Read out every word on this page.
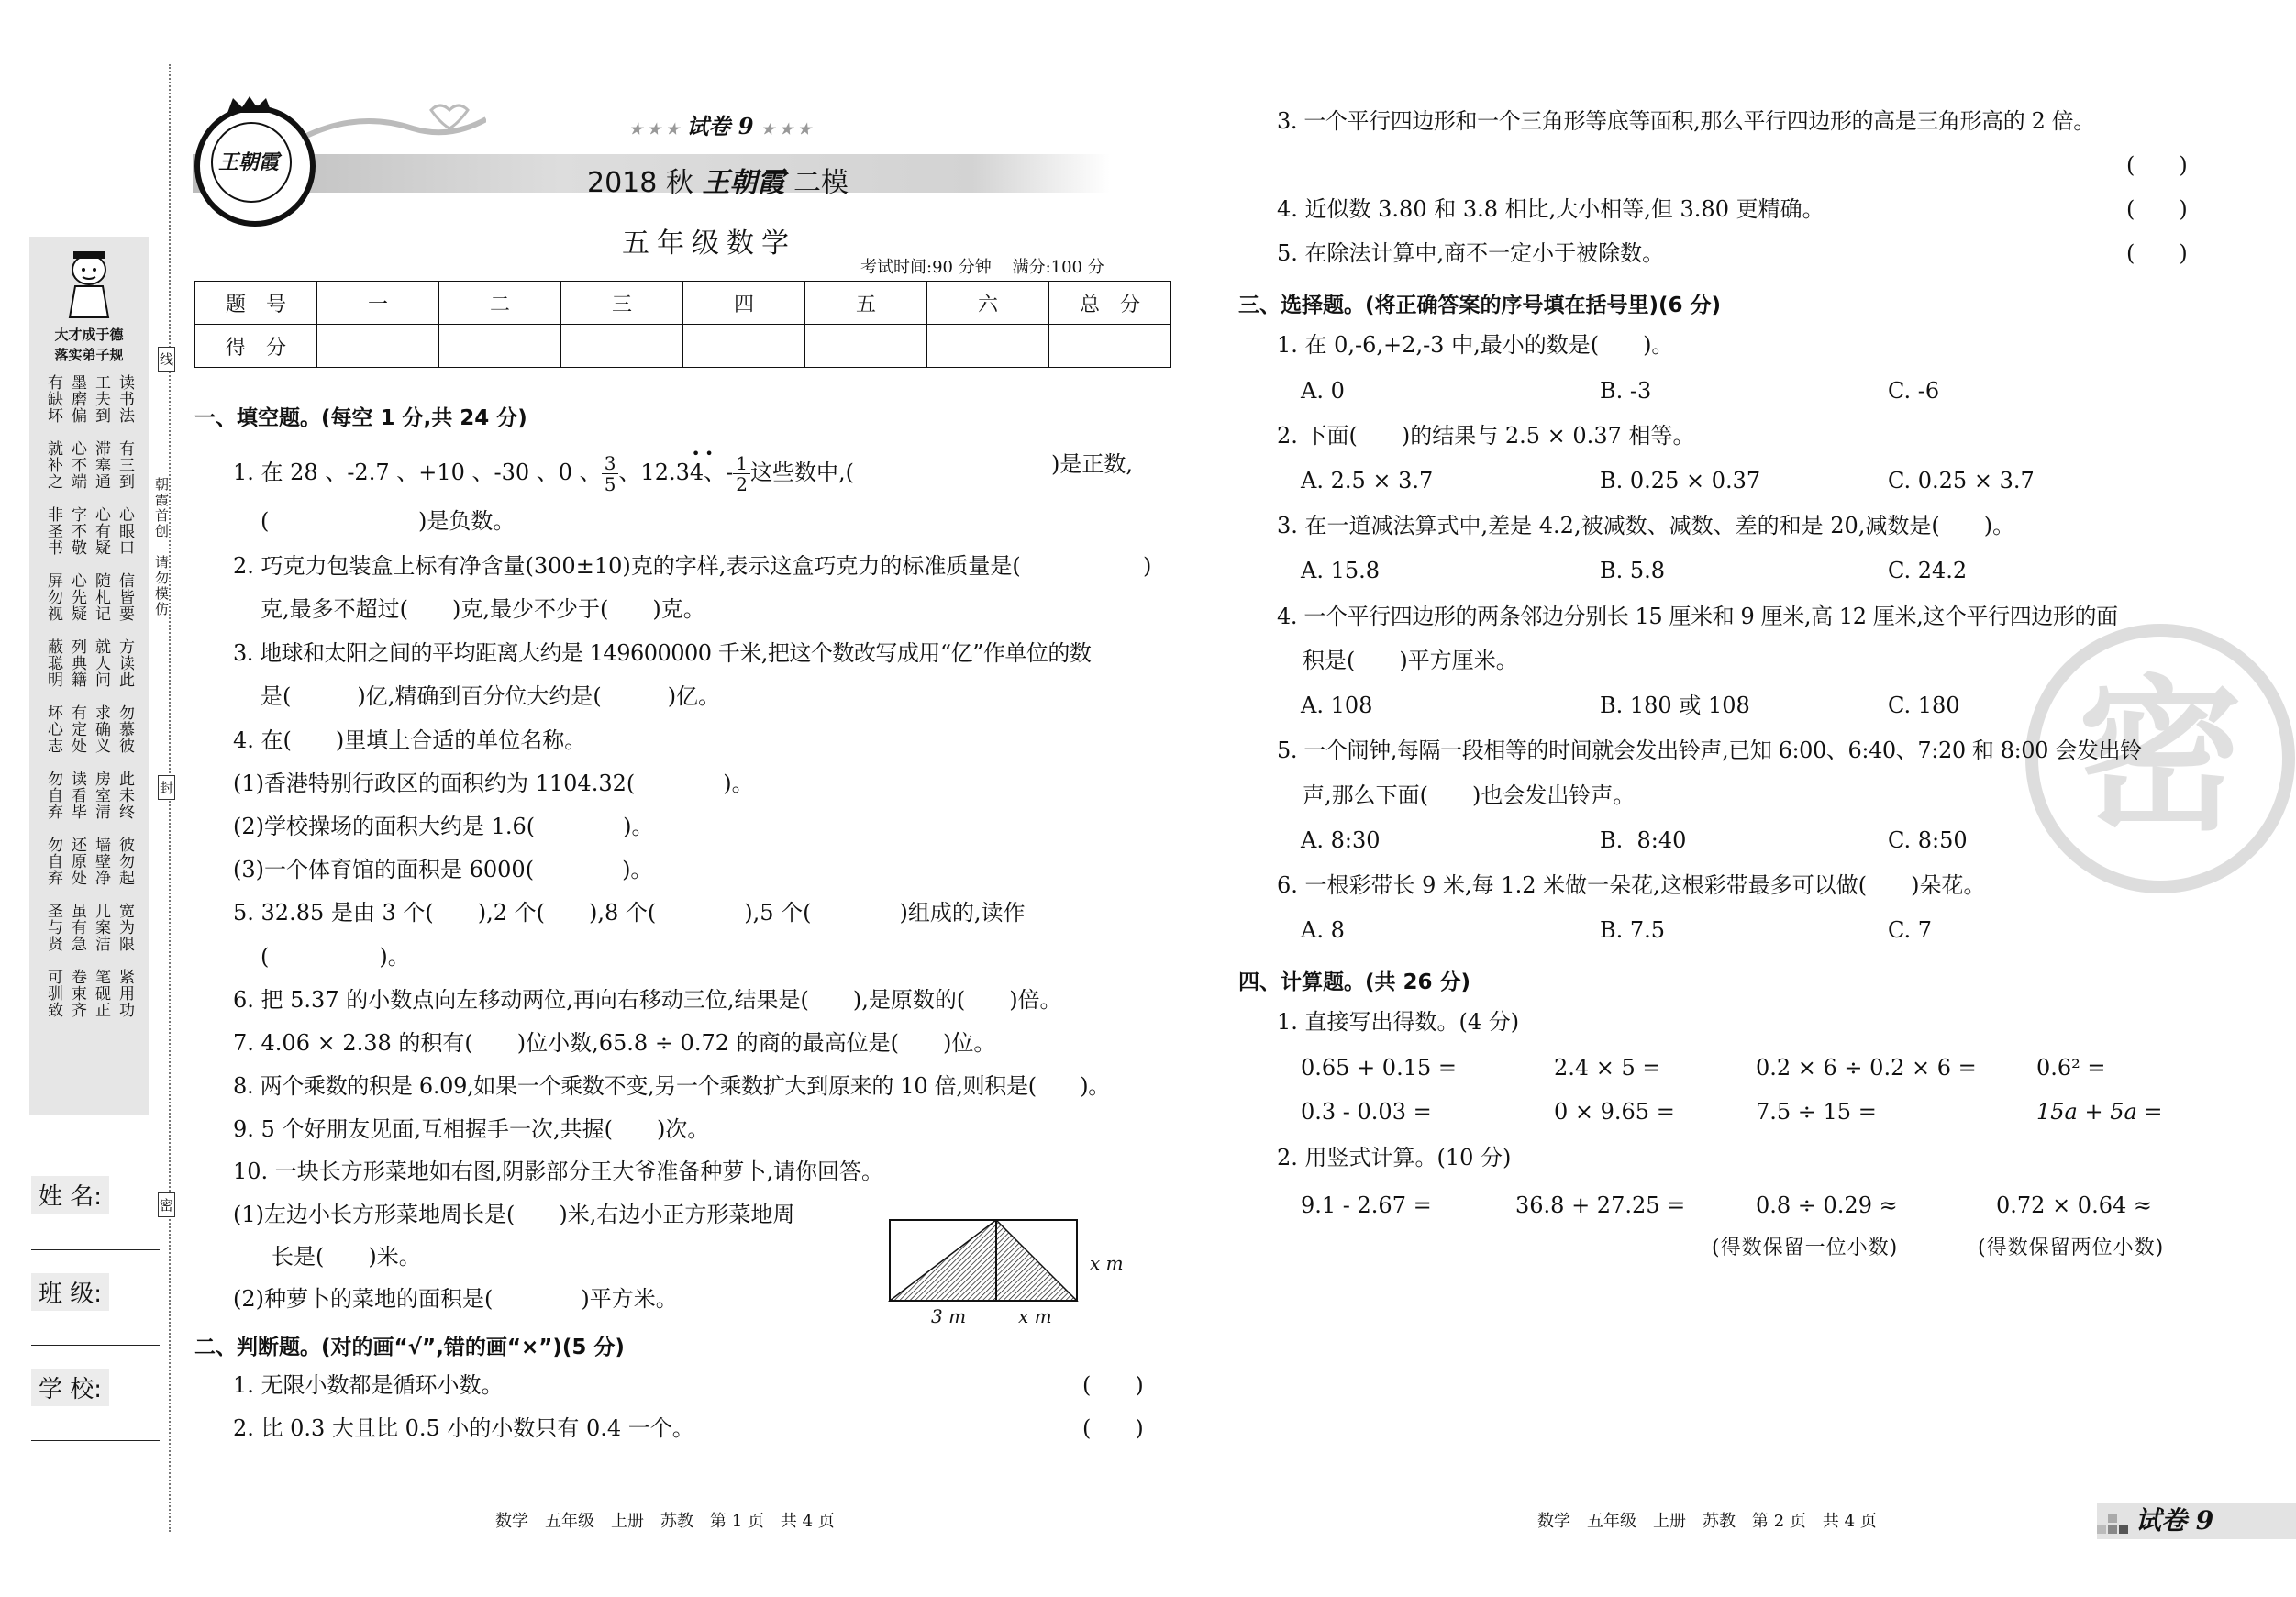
大才成于德
落实弟子规
有缺坏 墨磨偏 工夫到 读书法
就补之 心不端 滞塞通 有三到
非圣书 字不敬 心有疑 心眼口
屏勿视 心先疑 随札记 信皆要
蔽聪明 列典籍 就人问 方读此
坏心志 有定处 求确义 勿慕彼
勿自弃 读看毕 房室清 此未终
勿自弃 还原处 墙壁净 彼勿起
圣与贤 虽有急 几案洁 宽为限
可驯致 卷束齐 笔砚正 紧用功
朝霞首创　请勿模仿
线
封
密
姓 名:
班 级:
学 校:
王朝霞
★ ★ ★ 试卷 9 ★ ★ ★
2018 秋 王朝霞 二模
五年级数学
考试时间:90 分钟    满分:100 分
题　号	一	二	三	四	五	六	总　分
得　分							
一、填空题。(每空 1 分,共 24 分)
1. 在 28 、-2.7 、+10 、-30 、0 、 $\frac{3}{5}$ 、12.3
• •
4、- $\frac{1}{2}$ 这些数中,(	)是正数,
(	)是负数。
2. 巧克力包装盒上标有净含量(300±10)克的字样,表示这盒巧克力的标准质量是(	)
克,最多不超过(　　)克,最少不少于(　　)克。
3. 地球和太阳之间的平均距离大约是 149600000 千米,把这个数改写成用“亿”作单位的数
是(　　　)亿,精确到百分位大约是(　　　)亿。
4. 在(　　)里填上合适的单位名称。
(1)香港特别行政区的面积约为 1104.32(　　　　)。
(2)学校操场的面积大约是 1.6(　　　　)。
(3)一个体育馆的面积是 6000(　　　　)。
5. 32.85 是由 3 个(　　),2 个(　　),8 个(　　　　),5 个(　　　　)组成的,读作
(　　　　　)。
6. 把 5.37 的小数点向左移动两位,再向右移动三位,结果是(　　),是原数的(　　)倍。
7. 4.06 × 2.38 的积有(　　)位小数,65.8 ÷ 0.72 的商的最高位是(　　)位。
8. 两个乘数的积是 6.09,如果一个乘数不变,另一个乘数扩大到原来的 10 倍,则积是(　　)。
9. 5 个好朋友见面,互相握手一次,共握(　　)次。
10. 一块长方形菜地如右图,阴影部分王大爷准备种萝卜,请你回答。
(1)左边小长方形菜地周长是(　　)米,右边小正方形菜地周
长是(　　)米。
(2)种萝卜的菜地的面积是(　　　　)平方米。
3 m	x m
x m
二、判断题。(对的画“√”,错的画“×”)(5 分)
1. 无限小数都是循环小数。	(　　)
2. 比 0.3 大且比 0.5 小的小数只有 0.4 一个。	(　　)
数学　五年级　上册　苏教　第 1 页　共 4 页
密
3. 一个平行四边形和一个三角形等底等面积,那么平行四边形的高是三角形高的 2 倍。
(　　)
4. 近似数 3.80 和 3.8 相比,大小相等,但 3.80 更精确。	(　　)
5. 在除法计算中,商不一定小于被除数。	(　　)
三、选择题。(将正确答案的序号填在括号里)(6 分)
1. 在 0,-6,+2,-3 中,最小的数是(　　)。
A. 0	B. -3	C. -6
2. 下面(　　)的结果与 2.5 × 0.37 相等。
A. 2.5 × 3.7	B. 0.25 × 0.37	C. 0.25 × 3.7
3. 在一道减法算式中,差是 4.2,被减数、减数、差的和是 20,减数是(　　)。
A. 15.8	B. 5.8	C. 24.2
4. 一个平行四边形的两条邻边分别长 15 厘米和 9 厘米,高 12 厘米,这个平行四边形的面
积是(　　)平方厘米。
A. 108	B. 180 或 108	C. 180
5. 一个闹钟,每隔一段相等的时间就会发出铃声,已知 6:00、6:40、7:20 和 8:00 会发出铃
声,那么下面(　　)也会发出铃声。
A. 8:30	B.  8:40	C. 8:50
6. 一根彩带长 9 米,每 1.2 米做一朵花,这根彩带最多可以做(　　)朵花。
A. 8	B. 7.5	C. 7
四、计算题。(共 26 分)
1. 直接写出得数。(4 分)
0.65 + 0.15 =	2.4 × 5 =	0.2 × 6 ÷ 0.2 × 6 =	0.6² =
0.3 - 0.03 =	0 × 9.65 =	7.5 ÷ 15 =	15a + 5a =
2. 用竖式计算。(10 分)
9.1 - 2.67 =	36.8 + 27.25 =	0.8 ÷ 0.29 ≈	0.72 × 0.64 ≈
(得数保留一位小数)	(得数保留两位小数)
数学　五年级　上册　苏教　第 2 页　共 4 页	试卷 9
